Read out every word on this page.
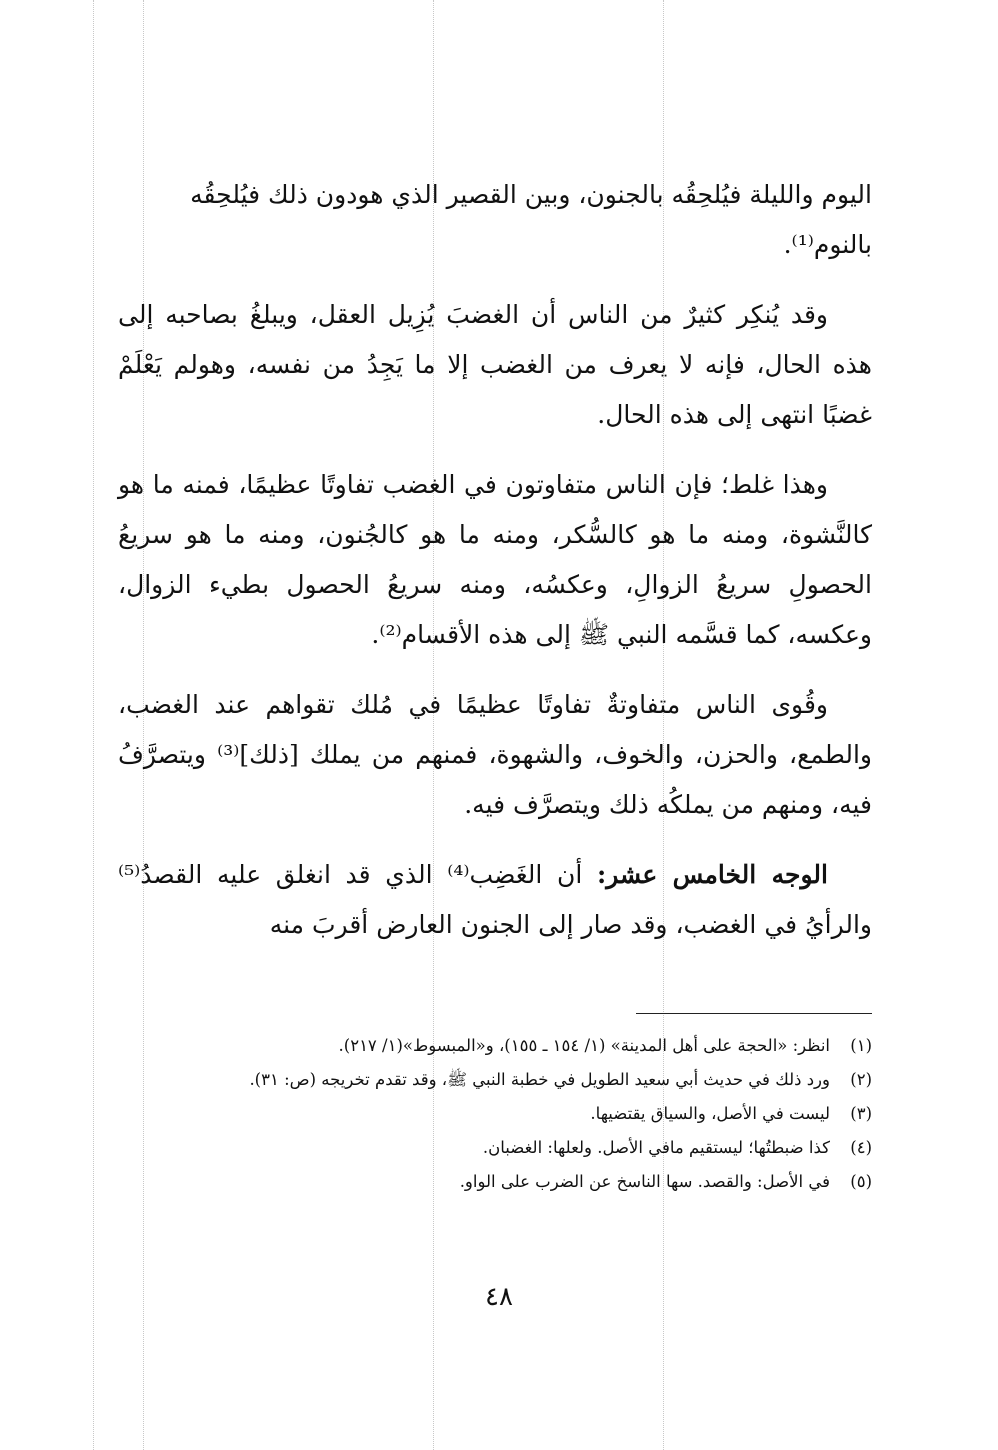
اليوم والليلة فيُلحِقُه بالجنون، وبين القصير الذي هودون ذلك فيُلحِقُه
بالنوم⁽¹⁾.

وقد يُنكِر كثيرٌ من الناس أن الغضبَ يُزِيل العقل، ويبلغُ بصاحبه إلى هذه الحال، فإنه لا يعرف من الغضب إلا ما يَجِدُ من نفسه، وهولم يَعْلَمْ غضبًا انتهى إلى هذه الحال.

وهذا غلط؛ فإن الناس متفاوتون في الغضب تفاوتًا عظيمًا، فمنه ما هو كالنَّشوة، ومنه ما هو كالسُّكر، ومنه ما هو كالجُنون، ومنه ما هو سريعُ الحصولِ سريعُ الزوالِ، وعكسُه، ومنه سريعُ الحصول بطيء الزوال، وعكسه، كما قسَّمه النبي ﷺ إلى هذه الأقسام⁽²⁾.

وقُوى الناس متفاوتةٌ تفاوتًا عظيمًا في مُلك تقواهم عند الغضب، والطمع، والحزن، والخوف، والشهوة، فمنهم من يملك [ذلك]⁽³⁾ ويتصرَّفُ فيه، ومنهم من يملكُه ذلك ويتصرَّف فيه.

الوجه الخامس عشر: أن الغَضِب⁽⁴⁾ الذي قد انغلق عليه القصدُ⁽⁵⁾ والرأيُ في الغضب، وقد صار إلى الجنون العارض أقربَ منه

(١)
انظر: «الحجة على أهل المدينة» (١/ ١٥٤ ـ ١٥٥)، و«المبسوط»(١/ ٢١٧).
(٢)
ورد ذلك في حديث أبي سعيد الطويل في خطبة النبي ﷺ، وقد تقدم تخريجه (ص: ٣١).
(٣)
ليست في الأصل، والسياق يقتضيها.
(٤)
كذا ضبطتُها؛ ليستقيم مافي الأصل. ولعلها: الغضبان.
(٥)
في الأصل: والقصد. سها الناسخ عن الضرب على الواو.
٤٨
